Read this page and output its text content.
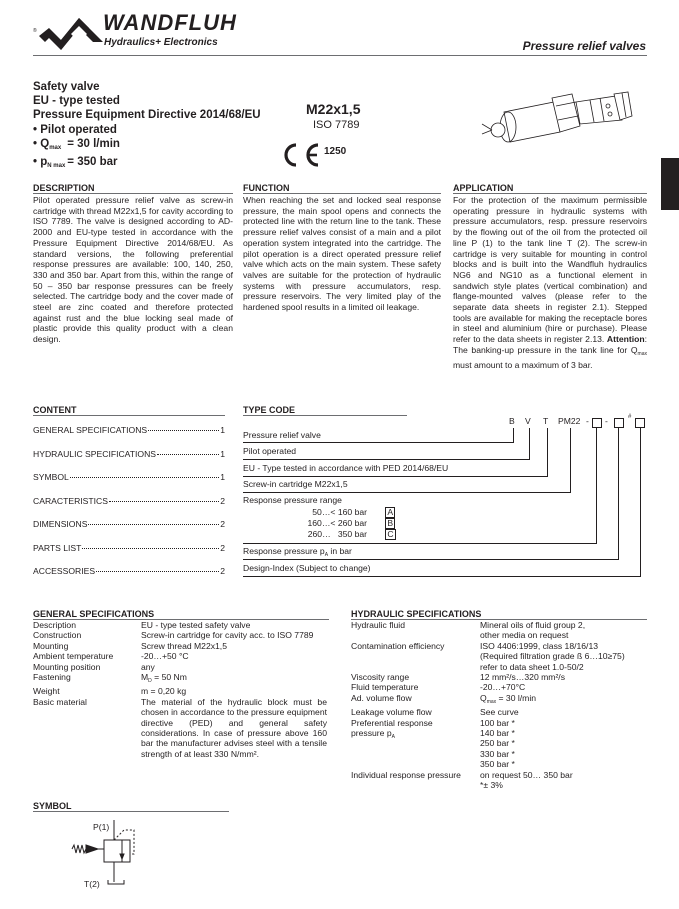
®	WANDFLUH
Hydraulics+ Electronics	Pressure relief valves
Safety valve
EU - type tested
Pressure Equipment Directive 2014/68/EU
• Pilot operated
• $Q_{max} = 30$ l/min
• $p_{N max} = 350$ bar
M22x1,5
ISO 7789
1250
DESCRIPTION
Pilot operated pressure relief valve as screw-in cartridge with thread M22x1,5 for cavity according to ISO 7789. The valve is designed according to AD-2000 and EU-type tested in accordance with the Pressure Equipment Directive 2014/68/EU. As standard versions, the following preferential response pressures are available: 100, 140, 250, 330 and 350 bar. Apart from this, within the range of 50 – 350 bar response pressures can be freely selected. The cartridge body and the cover made of steel are zinc coated and therefore protected against rust and the blue locking seal made of plastic provide this quality product with a clean design.
FUNCTION
When reaching the set and locked seal response pressure, the main spool opens and connects the protected line with the return line to the tank. These pressure relief valves consist of a main and a pilot operation system integrated into the cartridge. The pilot operation is a direct operated pressure relief valve which acts on the main system. These safety valves are suitable for the protection of hydraulic systems with pressure accumulators, resp. pressure reservoirs. The very limited play of the hardened spool results in a limited oil leakage.
APPLICATION
For the protection of the maximum permissible operating pressure in hydraulic systems with pressure accumulators, resp. pressure reservoirs by the flowing out of the oil from the protected oil line P (1) to the tank line T (2). The screw-in cartridge is very suitable for mounting in control blocks and is built into the Wandfluh hydraulics NG6 and NG10 as a functional element in sandwich style plates (vertical combination) and flange-mounted valves (please refer to the separate data sheets in register 2.1). Stepped tools are available for making the receptacle bores in steel and aluminium (hire or purchase). Please refer to the data sheets in register 2.13. Attention: The banking-up pressure in the tank line for $Q_{max}$ must amount to a maximum of 3 bar.
CONTENT
GENERAL SPECIFICATIONS	1
HYDRAULIC SPECIFICATIONS	1
SYMBOL	1
CARACTERISTICS	2
DIMENSIONS	2
PARTS LIST	2
ACCESSORIES	2
TYPE CODE
B V T PM22 - -	#
Pressure relief valve
Pilot operated
EU - Type tested in accordance with PED 2014/68/EU
Screw-in cartridge M22x1,5
Response pressure range
50…< 160 bar A
160…< 260 bar B
260…   350 bar C
Response pressure $p_A$ in bar
Design-Index (Subject to change)
GENERAL SPECIFICATIONS
Description	EU - type tested safety valve
Construction	Screw-in cartridge for cavity acc. to ISO 7789
Mounting	Screw thread M22x1,5
Ambient temperature	-20…+50 °C
Mounting position	any
Fastening	$M_D = 50$ Nm
Weight	m = 0,20 kg
Basic material	The material of the hydraulic block must be chosen in accordance to the pressure equipment directive (PED) and general safety considerations. In case of pressure above 160 bar the manufacturer advises steel with a tensile strength of at least 330 N/mm².
HYDRAULIC SPECIFICATIONS
Hydraulic fluid	Mineral oils of fluid group 2,
other media on request
Contamination efficiency	ISO 4406:1999, class 18/16/13
(Required filtration grade ß 6…10≥75)
refer to data sheet 1.0-50/2
Viscosity range	12 mm²/s…320 mm²/s
Fluid temperature	-20…+70°C
Ad. volume flow	$Q_{max} = 30$ l/min
Leakage volume flow	See curve
Preferential response
pressure $p_A$
100 bar *
140 bar *
250 bar *
330 bar *
350 bar *
Individual response pressure	on request 50… 350 bar
*± 3%
SYMBOL
P(1)
T(2)
